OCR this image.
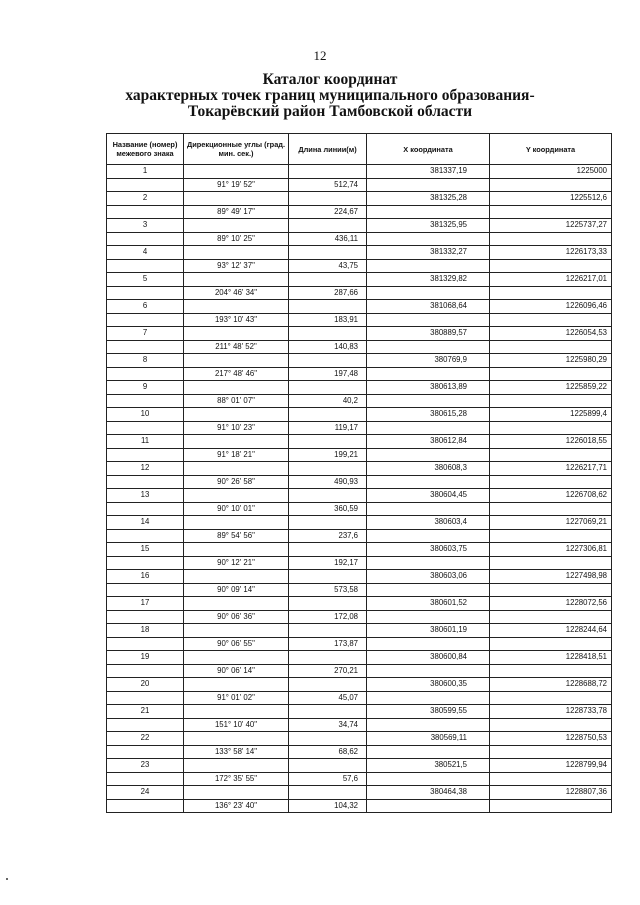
12
Каталог координат
характерных точек границ муниципального образования-
Токарёвский район Тамбовской области
Название (номер) межевого знака	Дирекционные углы (град. мин. сек.)	Длина линии(м)	X координата	Y координата
1			381337,19	1225000
	91° 19' 52"	512,74		
2			381325,28	1225512,6
	89° 49' 17"	224,67		
3			381325,95	1225737,27
	89° 10' 25"	436,11		
4			381332,27	1226173,33
	93° 12' 37"	43,75		
5			381329,82	1226217,01
	204° 46' 34"	287,66		
6			381068,64	1226096,46
	193° 10' 43"	183,91		
7			380889,57	1226054,53
	211° 48' 52"	140,83		
8			380769,9	1225980,29
	217° 48' 46"	197,48		
9			380613,89	1225859,22
	88° 01' 07"	40,2		
10			380615,28	1225899,4
	91° 10' 23"	119,17		
11			380612,84	1226018,55
	91° 18' 21"	199,21		
12			380608,3	1226217,71
	90° 26' 58"	490,93		
13			380604,45	1226708,62
	90° 10' 01"	360,59		
14			380603,4	1227069,21
	89° 54' 56"	237,6		
15			380603,75	1227306,81
	90° 12' 21"	192,17		
16			380603,06	1227498,98
	90° 09' 14"	573,58		
17			380601,52	1228072,56
	90° 06' 36"	172,08		
18			380601,19	1228244,64
	90° 06' 55"	173,87		
19			380600,84	1228418,51
	90° 06' 14"	270,21		
20			380600,35	1228688,72
	91° 01' 02"	45,07		
21			380599,55	1228733,78
	151° 10' 40"	34,74		
22			380569,11	1228750,53
	133° 58' 14"	68,62		
23			380521,5	1228799,94
	172° 35' 55"	57,6		
24			380464,38	1228807,36
	136° 23' 40"	104,32		
